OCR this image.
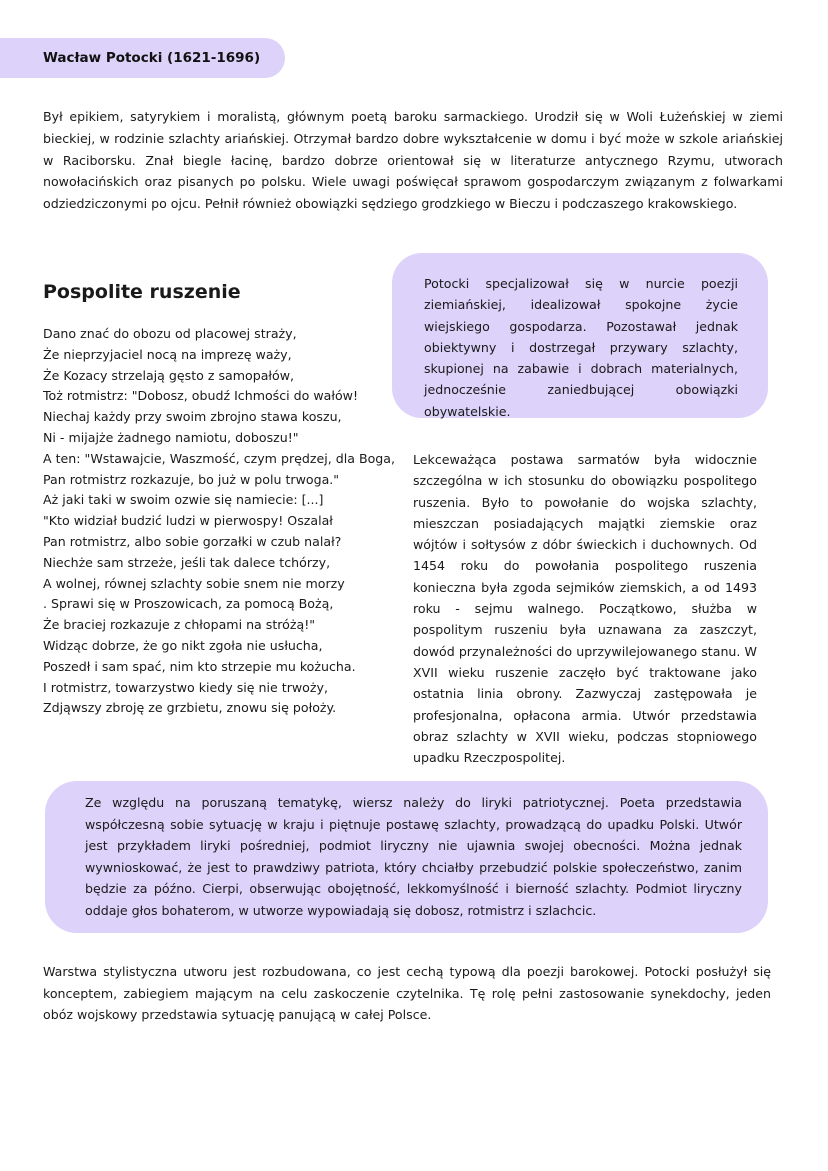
Wacław Potocki (1621-1696)

Był epikiem, satyrykiem i moralistą, głównym poetą baroku sarmackiego. Urodził się w Woli Łużeńskiej w ziemi bieckiej, w rodzinie szlachty ariańskiej. Otrzymał bardzo dobre wykształcenie w domu i być może w szkole ariańskiej w Raciborsku. Znał biegle łacinę, bardzo dobrze orientował się w literaturze antycznego Rzymu, utworach nowołacińskich oraz pisanych po polsku. Wiele uwagi poświęcał sprawom gospodarczym związanym z folwarkami odziedziczonymi po ojcu. Pełnił również obowiązki sędziego grodzkiego w Bieczu i podczaszego krakowskiego.

Pospolite ruszenie
Dano znać do obozu od placowej straży,
Że nieprzyjaciel nocą na imprezę waży,
Że Kozacy strzelają gęsto z samopałów,
Toż rotmistrz: "Dobosz, obudź Ichmości do wałów!
Niechaj każdy przy swoim zbrojno stawa koszu,
Ni - mijajże żadnego namiotu, doboszu!"
A ten: "Wstawajcie, Waszmość, czym prędzej, dla Boga,
Pan rotmistrz rozkazuje, bo już w polu trwoga."
Aż jaki taki w swoim ozwie się namiecie: [...]
"Kto widział budzić ludzi w pierwospy! Oszalał
Pan rotmistrz, albo sobie gorzałki w czub nalał?
Niechże sam strzeże, jeśli tak dalece tchórzy,
A wolnej, równej szlachty sobie snem nie morzy
. Sprawi się w Proszowicach, za pomocą Bożą,
Że braciej rozkazuje z chłopami na stróżą!"
Widząc dobrze, że go nikt zgoła nie usłucha,
Poszedł i sam spać, nim kto strzepie mu kożucha.
I rotmistrz, towarzystwo kiedy się nie trwoży,
Zdjąwszy zbroję ze grzbietu, znowu się położy.

Potocki specjalizował się w nurcie poezji ziemiańskiej, idealizował spokojne życie wiejskiego gospodarza. Pozostawał jednak obiektywny i dostrzegał przywary szlachty, skupionej na zabawie i dobrach materialnych, jednocześnie zaniedbującej obowiązki obywatelskie.

Lekceważąca postawa sarmatów była widocznie szczególna w ich stosunku do obowiązku pospolitego ruszenia. Było to powołanie do wojska szlachty, mieszczan posiadających majątki ziemskie oraz wójtów i sołtysów z dóbr świeckich i duchownych. Od 1454 roku do powołania pospolitego ruszenia konieczna była zgoda sejmików ziemskich, a od 1493 roku - sejmu walnego. Początkowo, służba w pospolitym ruszeniu była uznawana za zaszczyt, dowód przynależności do uprzywilejowanego stanu. W XVII wieku ruszenie zaczęło być traktowane jako ostatnia linia obrony. Zazwyczaj zastępowała je profesjonalna, opłacona armia. Utwór przedstawia obraz szlachty w XVII wieku, podczas stopniowego upadku Rzeczpospolitej.

Ze względu na poruszaną tematykę, wiersz należy do liryki patriotycznej. Poeta przedstawia współczesną sobie sytuację w kraju i piętnuje postawę szlachty, prowadzącą do upadku Polski. Utwór jest przykładem liryki pośredniej, podmiot liryczny nie ujawnia swojej obecności. Można jednak wywnioskować, że jest to prawdziwy patriota, który chciałby przebudzić polskie społeczeństwo, zanim będzie za późno. Cierpi, obserwując obojętność, lekkomyślność i bierność szlachty. Podmiot liryczny oddaje głos bohaterom, w utworze wypowiadają się dobosz, rotmistrz i szlachcic.

Warstwa stylistyczna utworu jest rozbudowana, co jest cechą typową dla poezji barokowej. Potocki posłużył się konceptem, zabiegiem mającym na celu zaskoczenie czytelnika. Tę rolę pełni zastosowanie synekdochy, jeden obóz wojskowy przedstawia sytuację panującą w całej Polsce.
